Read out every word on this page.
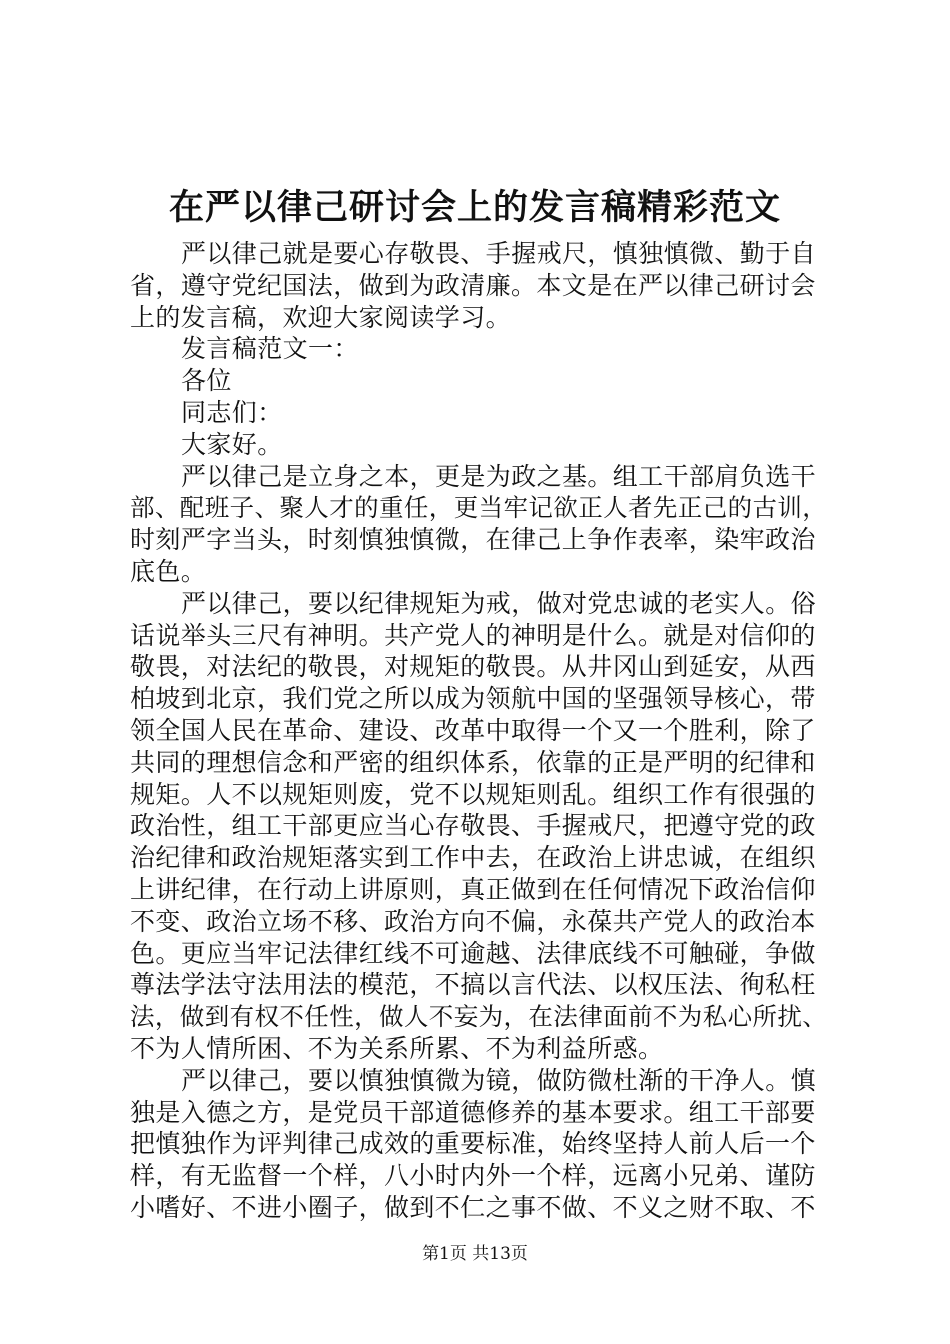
在严以律己研讨会上的发言稿精彩范文
严以律己就是要心存敬畏、手握戒尺，慎独慎微、勤于自
省，遵守党纪国法，做到为政清廉。本文是在严以律己研讨会
上的发言稿，欢迎大家阅读学习。
发言稿范文一：
各位
同志们：
大家好。
严以律己是立身之本，更是为政之基。组工干部肩负选干
部、配班子、聚人才的重任，更当牢记欲正人者先正己的古训，
时刻严字当头，时刻慎独慎微，在律己上争作表率，染牢政治
底色。
严以律己，要以纪律规矩为戒，做对党忠诚的老实人。俗
话说举头三尺有神明。共产党人的神明是什么。就是对信仰的
敬畏，对法纪的敬畏，对规矩的敬畏。从井冈山到延安，从西
柏坡到北京，我们党之所以成为领航中国的坚强领导核心，带
领全国人民在革命、建设、改革中取得一个又一个胜利，除了
共同的理想信念和严密的组织体系，依靠的正是严明的纪律和
规矩。人不以规矩则废，党不以规矩则乱。组织工作有很强的
政治性，组工干部更应当心存敬畏、手握戒尺，把遵守党的政
治纪律和政治规矩落实到工作中去，在政治上讲忠诚，在组织
上讲纪律，在行动上讲原则，真正做到在任何情况下政治信仰
不变、政治立场不移、政治方向不偏，永葆共产党人的政治本
色。更应当牢记法律红线不可逾越、法律底线不可触碰，争做
尊法学法守法用法的模范，不搞以言代法、以权压法、徇私枉
法，做到有权不任性，做人不妄为，在法律面前不为私心所扰、
不为人情所困、不为关系所累、不为利益所惑。
严以律己，要以慎独慎微为镜，做防微杜渐的干净人。慎
独是入德之方，是党员干部道德修养的基本要求。组工干部要
把慎独作为评判律己成效的重要标准，始终坚持人前人后一个
样，有无监督一个样，八小时内外一个样，远离小兄弟、谨防
小嗜好、不进小圈子，做到不仁之事不做、不义之财不取、不
第1页 共13页
